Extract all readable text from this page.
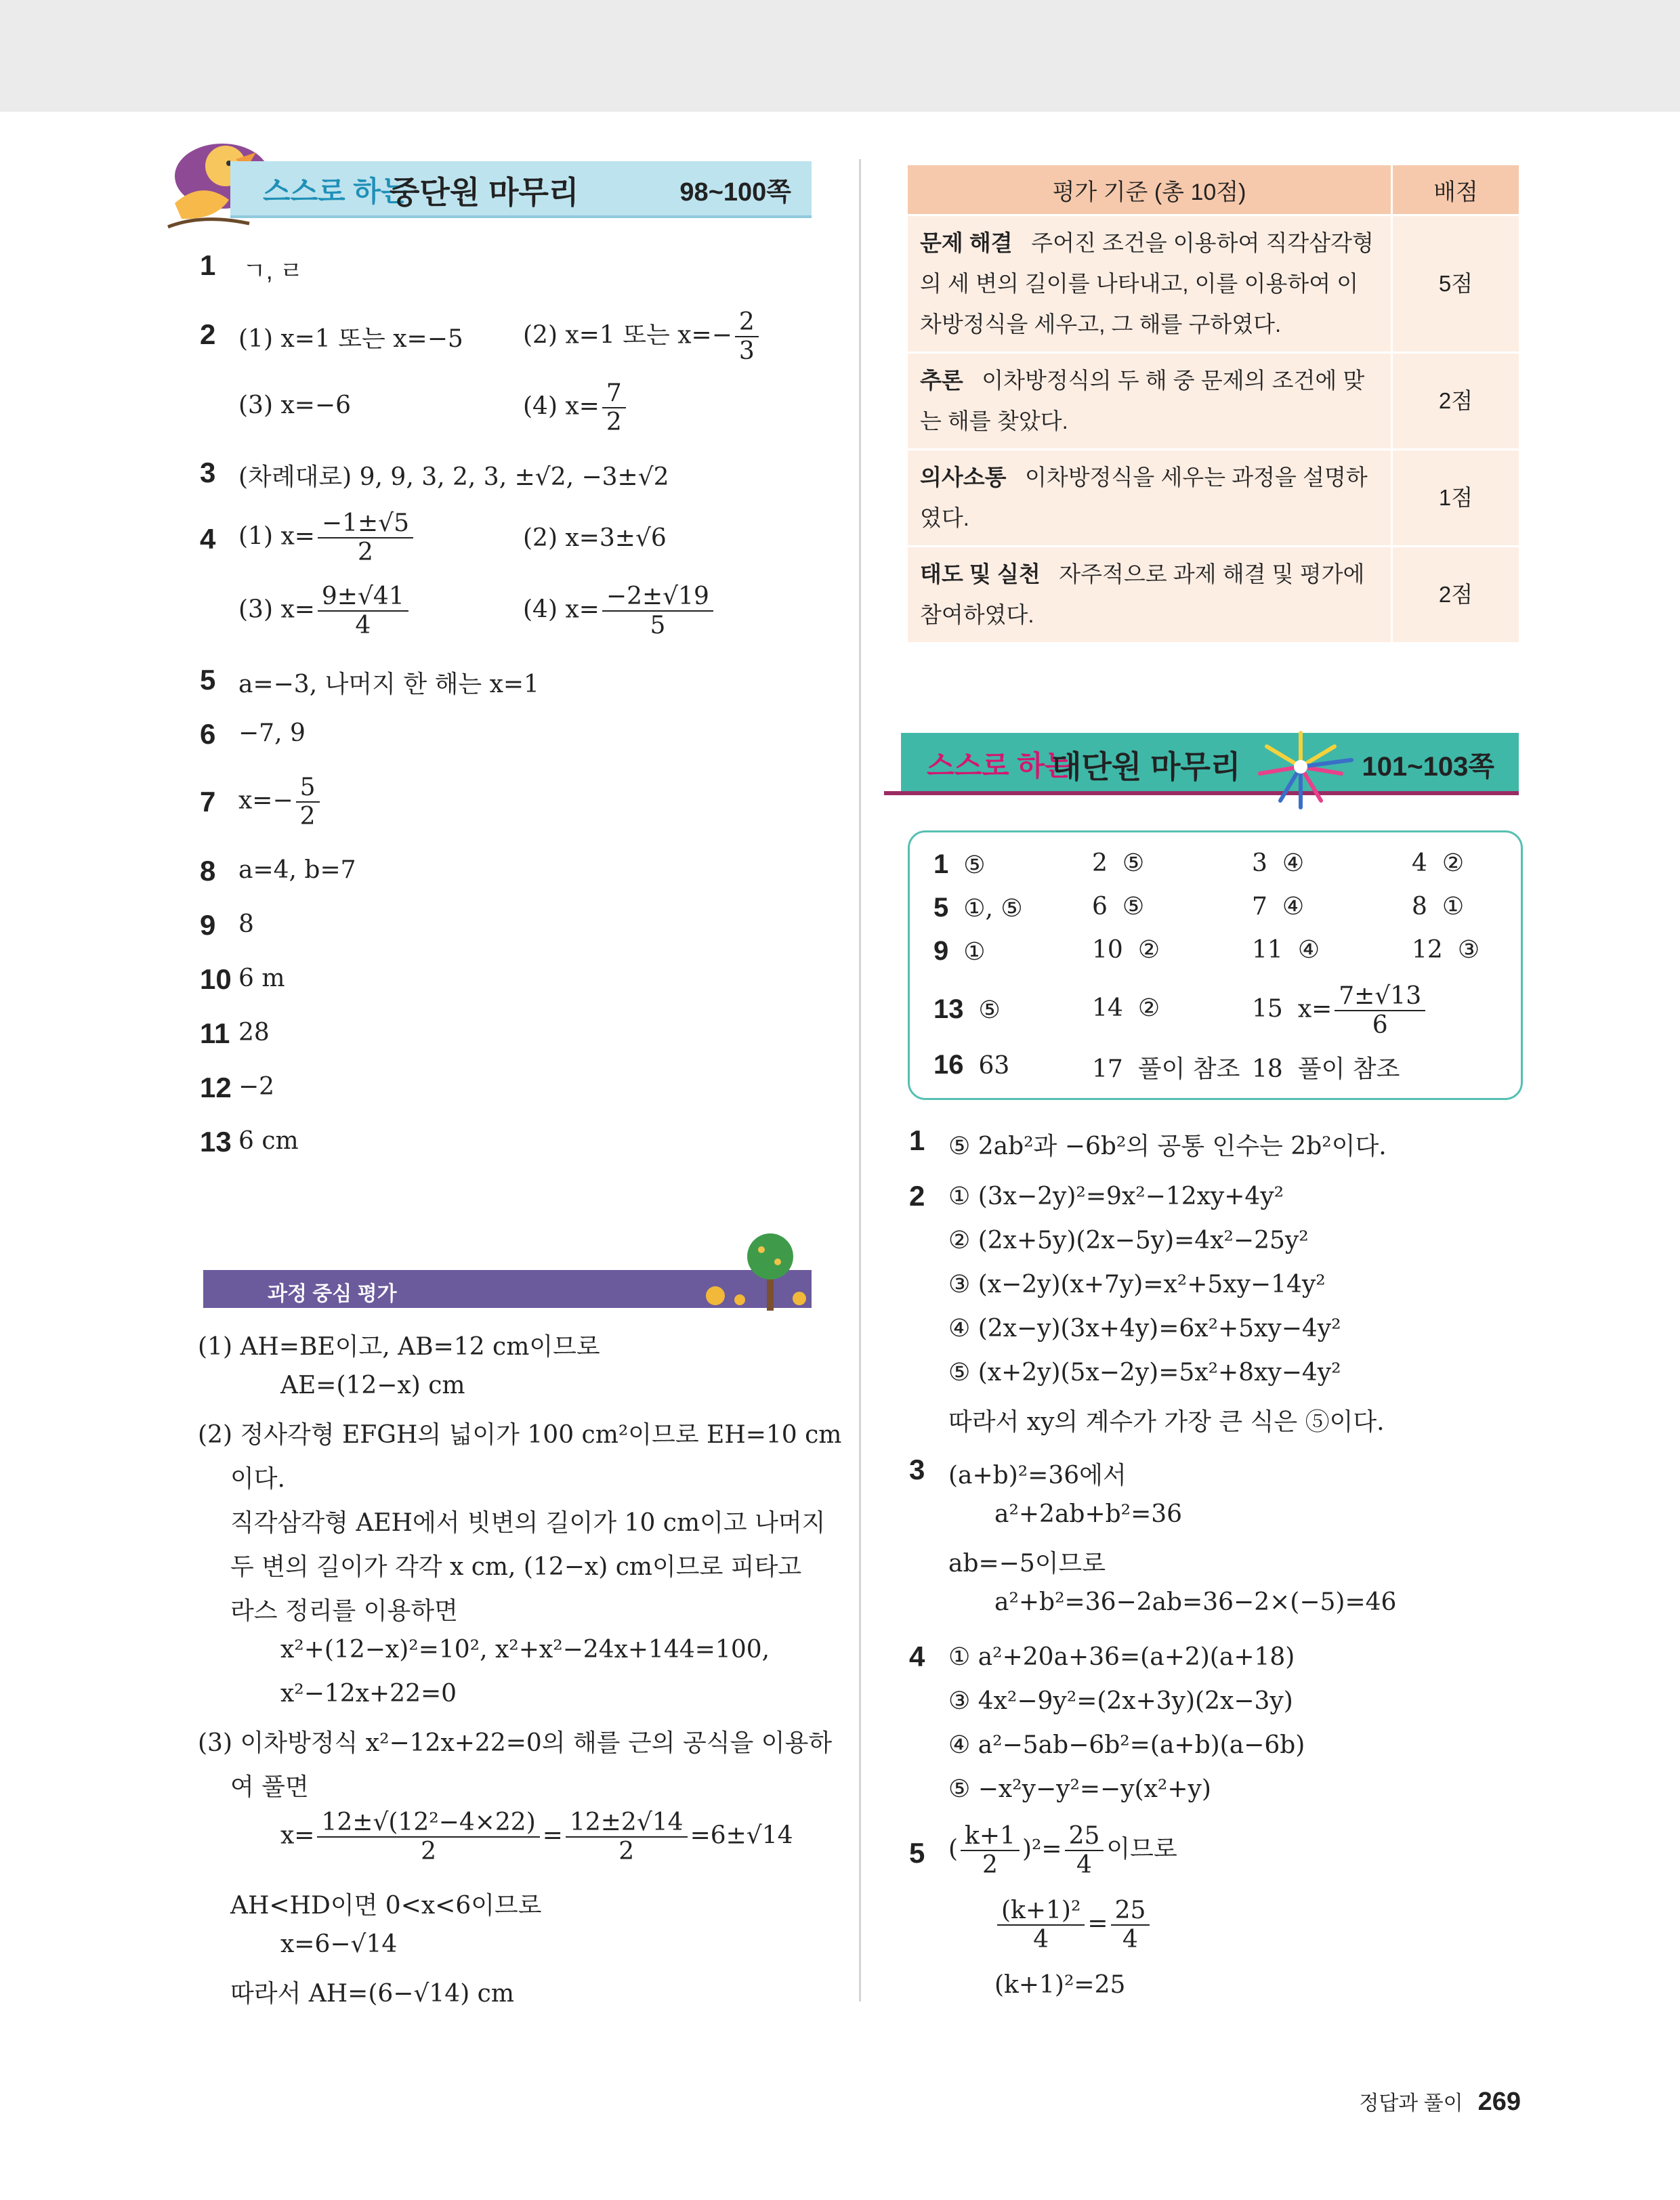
스스로 하는
중단원 마무리	98~100쪽
1 ㄱ, ㄹ
2 (1) x=1 또는 x=−5 (2) x=1 또는 $x=- \frac{2}{3}$
(3) x=−6	(4) $x= \frac{7}{2}$
3 (차례대로) 9, 9, 3, 2, 3, ±√2, −3±√2
4 (1) $x= \frac{-1\pm√5}{2}$	(2) x=3±√6
(3) $x= \frac{9\pm√41}{4}$	(4) $x= \frac{-2\pm√19}{5}$
5 a=−3, 나머지 한 해는 x=1
6 −7, 9
7 $x=- \frac{5}{2}$
8 a=4, b=7
9 8
10 6 m
11 28
12 −2
13 6 cm
과정 중심 평가
(1) AH=BE이고, AB=12 cm이므로
AE=(12−x) cm
(2) 정사각형 EFGH의 넓이가 100 cm²이므로 EH=10 cm
이다.
직각삼각형 AEH에서 빗변의 길이가 10 cm이고 나머지
두 변의 길이가 각각 x cm, (12−x) cm이므로 피타고
라스 정리를 이용하면
x²+(12−x)²=10², x²+x²−24x+144=100,
x²−12x+22=0
(3) 이차방정식 x²−12x+22=0의 해를 근의 공식을 이용하
여 풀면
$x= \frac{\text{12±√(12²−4×22)}}{2} = \frac{12\pm 2√14}{2} =6\pm√14$
AH<HD이면 0<x<6이므로
x=6−√14
따라서 AH=(6−√14) cm
평가 기준 (총 10점)	배점
문제 해결 주어진 조건을 이용하여 직각삼각형의 세 변의 길이를 나타내고, 이를 이용하여 이차방정식을 세우고, 그 해를 구하였다.	5점
추론 이차방정식의 두 해 중 문제의 조건에 맞는 해를 찾았다.	2점
의사소통 이차방정식을 세우는 과정을 설명하였다.	1점
태도 및 실천 자주적으로 과제 해결 및 평가에 참여하였다.	2점
스스로 하는
대단원 마무리	101~103쪽
1 ⑤	2 ⑤	3 ④	4 ②
5 ①, ⑤	6 ⑤	7 ④	8 ①
9 ①	10 ②	11 ④	12 ③
13 ⑤	14 ②	15 $x= \frac{7\pm√13}{6}$
16 63	17 풀이 참조 18 풀이 참조
1 ⑤ 2ab²과 −6b²의 공통 인수는 2b²이다.
2 ① (3x−2y)²=9x²−12xy+4y²
② (2x+5y)(2x−5y)=4x²−25y²
③ (x−2y)(x+7y)=x²+5xy−14y²
④ (2x−y)(3x+4y)=6x²+5xy−4y²
⑤ (x+2y)(5x−2y)=5x²+8xy−4y²
따라서 xy의 계수가 가장 큰 식은 ⑤이다.
3 (a+b)²=36에서
a²+2ab+b²=36
ab=−5이므로
a²+b²=36−2ab=36−2×(−5)=46
4 ① a²+20a+36=(a+2)(a+18)
③ 4x²−9y²=(2x+3y)(2x−3y)
④ a²−5ab−6b²=(a+b)(a−6b)
⑤ −x²y−y²=−y(x²+y)
5 ( $\frac{k+1}{2} )^2= \frac{25}{4}$ 이므로
$\frac{\text{(k+1)²}}{4} = \frac{25}{4}$
(k+1)²=25
정답과 풀이 269
